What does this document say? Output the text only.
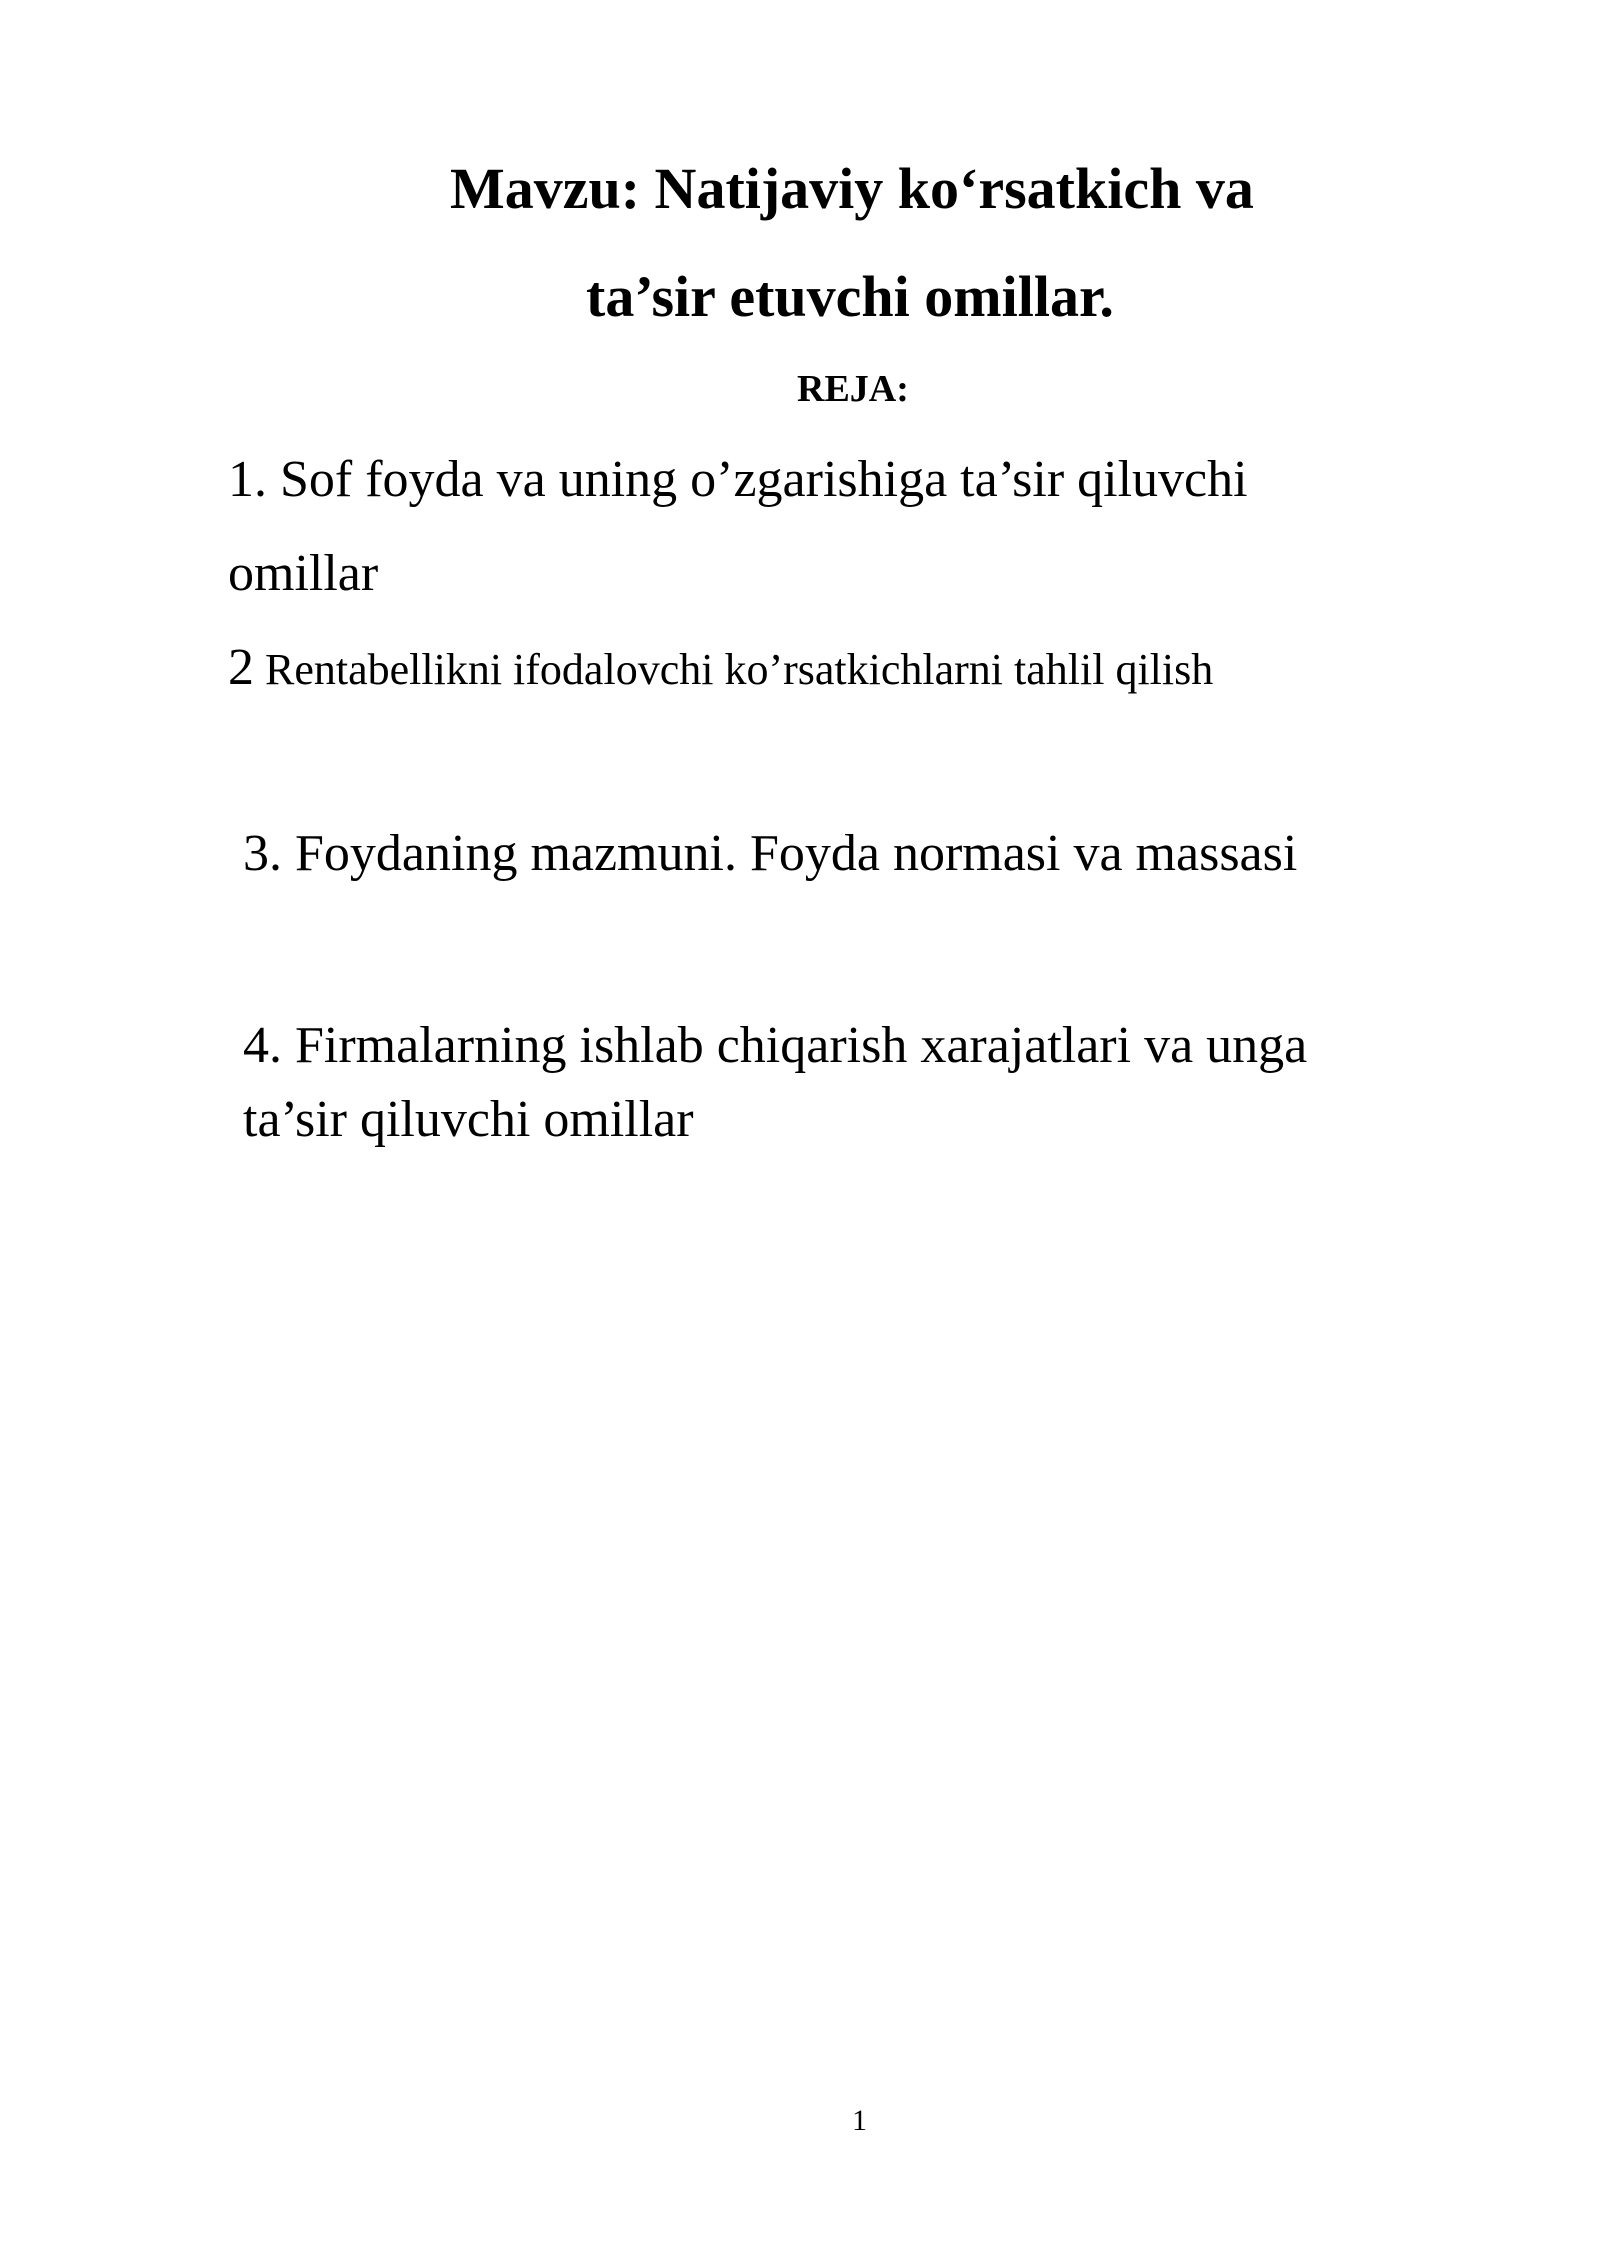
Mavzu: Natijaviy ko‘rsatkich va
ta’sir etuvchi omillar.
REJA:
1. Sof foyda va uning o’zgarishiga ta’sir qiluvchi
omillar
2 Rentabellikni ifodalovchi ko’rsatkichlarni tahlil qilish
3. Foydaning mazmuni. Foyda normasi va massasi
4. Firmalarning ishlab chiqarish xarajatlari va unga
ta’sir qiluvchi omillar
1
